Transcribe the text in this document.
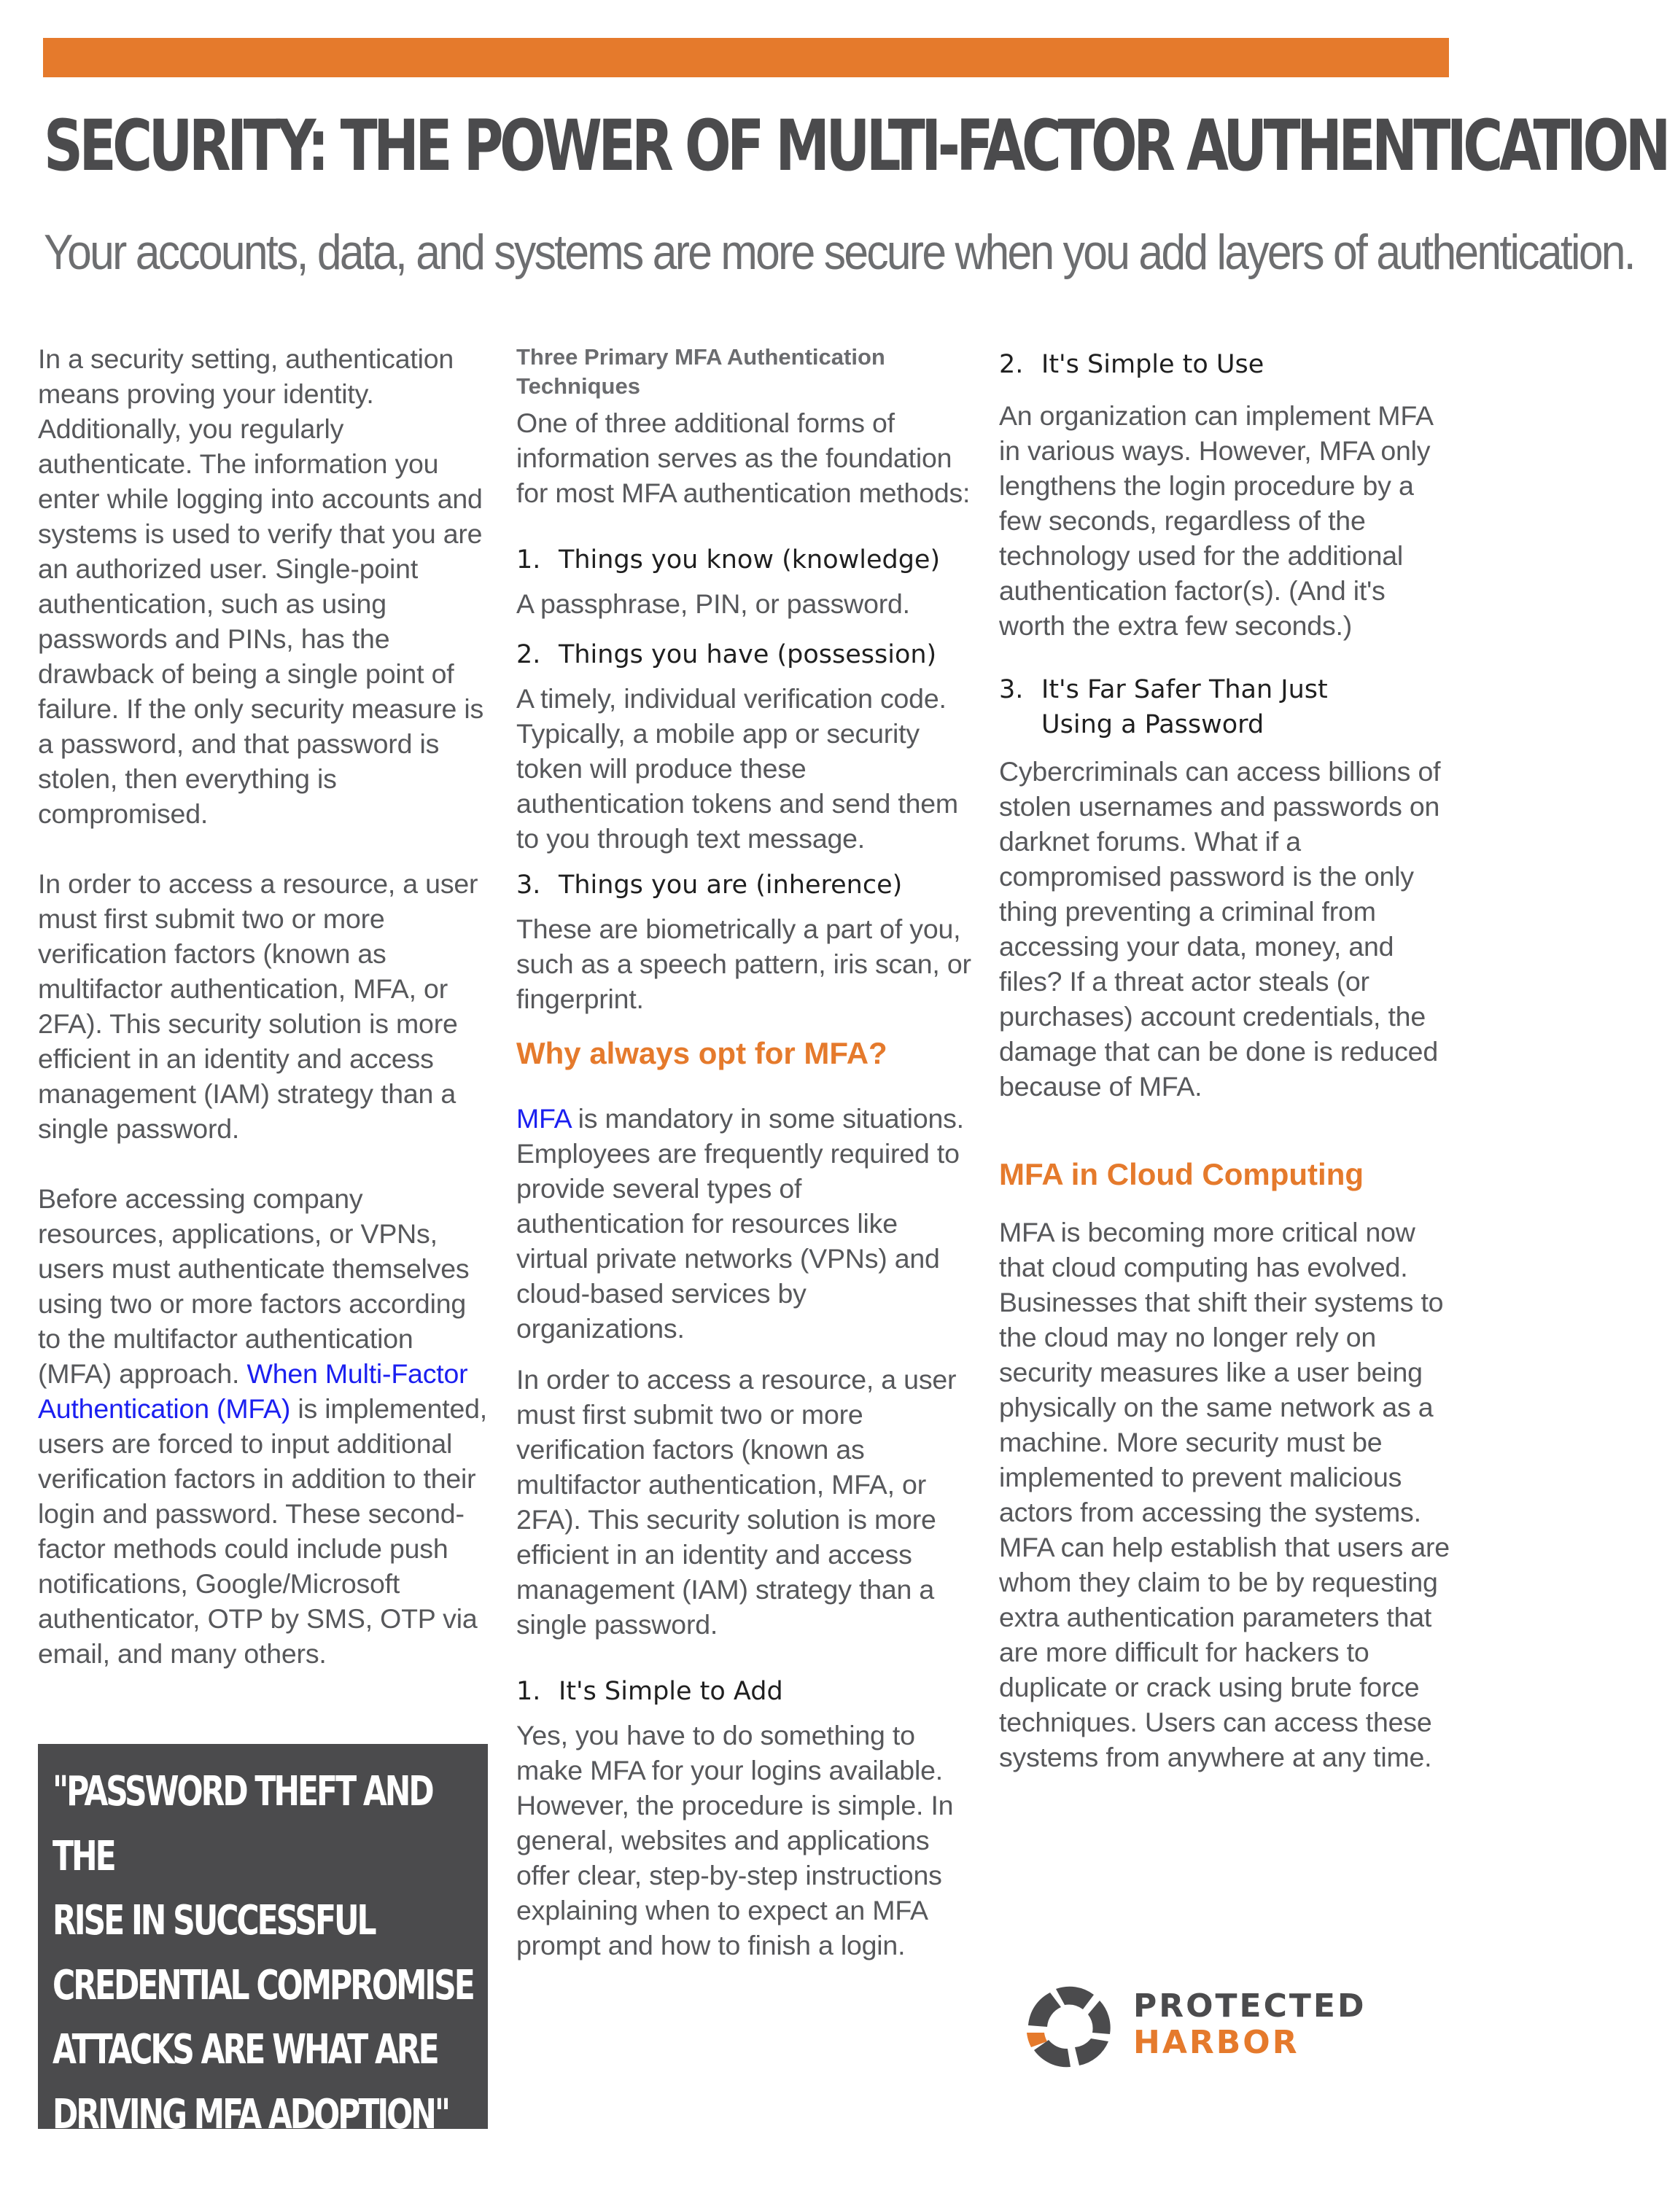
SECURITY: THE POWER OF MULTI-FACTOR AUTHENTICATION
Your accounts, data, and systems are more secure when you add layers of authentication.

In a security setting, authentication means proving your identity. Additionally, you regularly authenticate. The information you enter while logging into accounts and systems is used to verify that you are an authorized user. Single-point authentication, such as using passwords and PINs, has the drawback of being a single point of failure. If the only security measure is a password, and that password is stolen, then everything is compromised.

In order to access a resource, a user must first submit two or more verification factors (known as multifactor authentication, MFA, or 2FA). This security solution is more efficient in an identity and access management (IAM) strategy than a single password.

Before accessing company resources, applications, or VPNs, users must authenticate themselves using two or more factors according to the multifactor authentication (MFA) approach. When Multi-Factor Authentication (MFA) is implemented, users are forced to input additional verification factors in addition to their login and password. These second-factor methods could include push notifications, Google/Microsoft authenticator, OTP by SMS, OTP via email, and many others.

"PASSWORD THEFT AND THE
RISE IN SUCCESSFUL
CREDENTIAL COMPROMISE
ATTACKS ARE WHAT ARE
DRIVING MFA ADOPTION"
- RICHARD LUNA

Three Primary MFA Authentication Techniques

One of three additional forms of information serves as the foundation for most MFA authentication methods:

1. Things you know (knowledge)

A passphrase, PIN, or password.

2. Things you have (possession)

A timely, individual verification code. Typically, a mobile app or security token will produce these authentication tokens and send them to you through text message.

3. Things you are (inherence)

These are biometrically a part of you, such as a speech pattern, iris scan, or fingerprint.

Why always opt for MFA?

MFA is mandatory in some situations. Employees are frequently required to provide several types of authentication for resources like virtual private networks (VPNs) and cloud-based services by organizations.

In order to access a resource, a user must first submit two or more verification factors (known as multifactor authentication, MFA, or 2FA). This security solution is more efficient in an identity and access management (IAM) strategy than a single password.

1. It's Simple to Add

Yes, you have to do something to make MFA for your logins available. However, the procedure is simple. In general, websites and applications offer clear, step-by-step instructions explaining when to expect an MFA prompt and how to finish a login.

2. It's Simple to Use

An organization can implement MFA in various ways. However, MFA only lengthens the login procedure by a few seconds, regardless of the technology used for the additional authentication factor(s). (And it's worth the extra few seconds.)

3. It's Far Safer Than Just Using a Password

Cybercriminals can access billions of stolen usernames and passwords on darknet forums. What if a compromised password is the only thing preventing a criminal from accessing your data, money, and files? If a threat actor steals (or purchases) account credentials, the damage that can be done is reduced because of MFA.

MFA in Cloud Computing

MFA is becoming more critical now that cloud computing has evolved. Businesses that shift their systems to the cloud may no longer rely on security measures like a user being physically on the same network as a machine. More security must be implemented to prevent malicious actors from accessing the systems. MFA can help establish that users are whom they claim to be by requesting extra authentication parameters that are more difficult for hackers to duplicate or crack using brute force techniques. Users can access these systems from anywhere at any time.

PROTECTED
HARBOR
